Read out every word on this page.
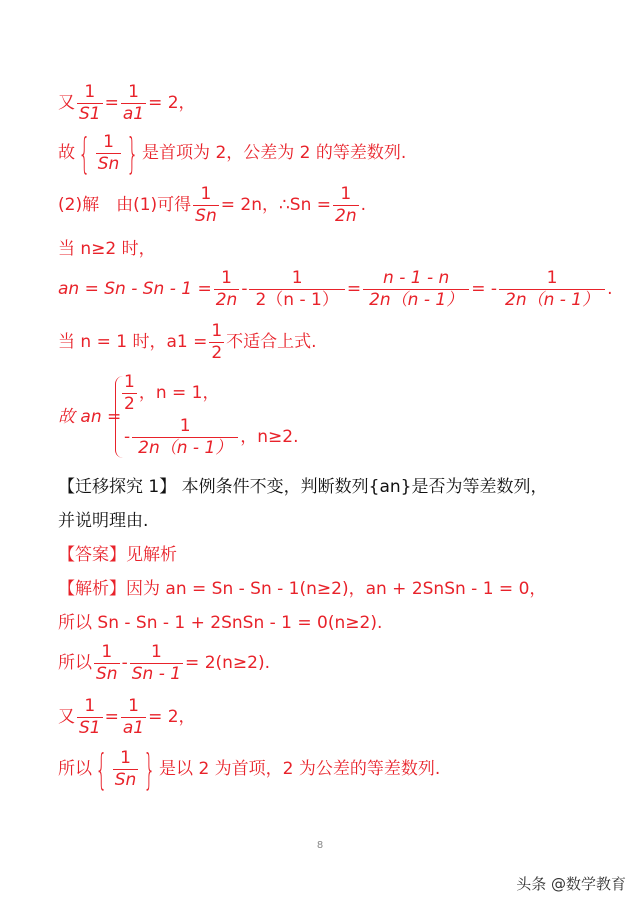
又 $\frac{1}{S1} = \frac{1}{a1} = 2$，
故 { $\frac{1}{Sn}$ } 是首项为 2，公差为 2 的等差数列.
(2)解　由(1)可得 $\frac{1}{Sn} = 2n$，∴Sn = $\frac{1}{2n}$ .
当 n≥2 时，
an = $Sn - Sn - 1 = \frac{1}{2n} - \frac{1}{2(n - 1)} = \frac{n - 1 - n}{2n(n - 1)}$ = - $\frac{1}{2n(n - 1)}$ .
当 n = 1 时，$a1 = \frac{1}{2}$ 不适合上式.
故 an =
$\frac{1}{2}$ ，n = 1，
- $\frac{1}{2n(n - 1)}$ ，n≥2.
【迁移探究 1】 本例条件不变，判断数列{an}是否为等差数列，
并说明理由.
【答案】见解析
【解析】因为 an = Sn - Sn - 1(n≥2)，an + 2SnSn - 1 = 0，
所以 Sn - Sn - 1 + 2SnSn - 1 = 0(n≥2).
所以 $\frac{1}{Sn} - \frac{1}{Sn - 1} = 2(n\ge 2)$.
又 $\frac{1}{S1} = \frac{1}{a1} = 2$，
所以 { $\frac{1}{Sn}$ } 是以 2 为首项，2 为公差的等差数列.
8
头条 @数学教育
